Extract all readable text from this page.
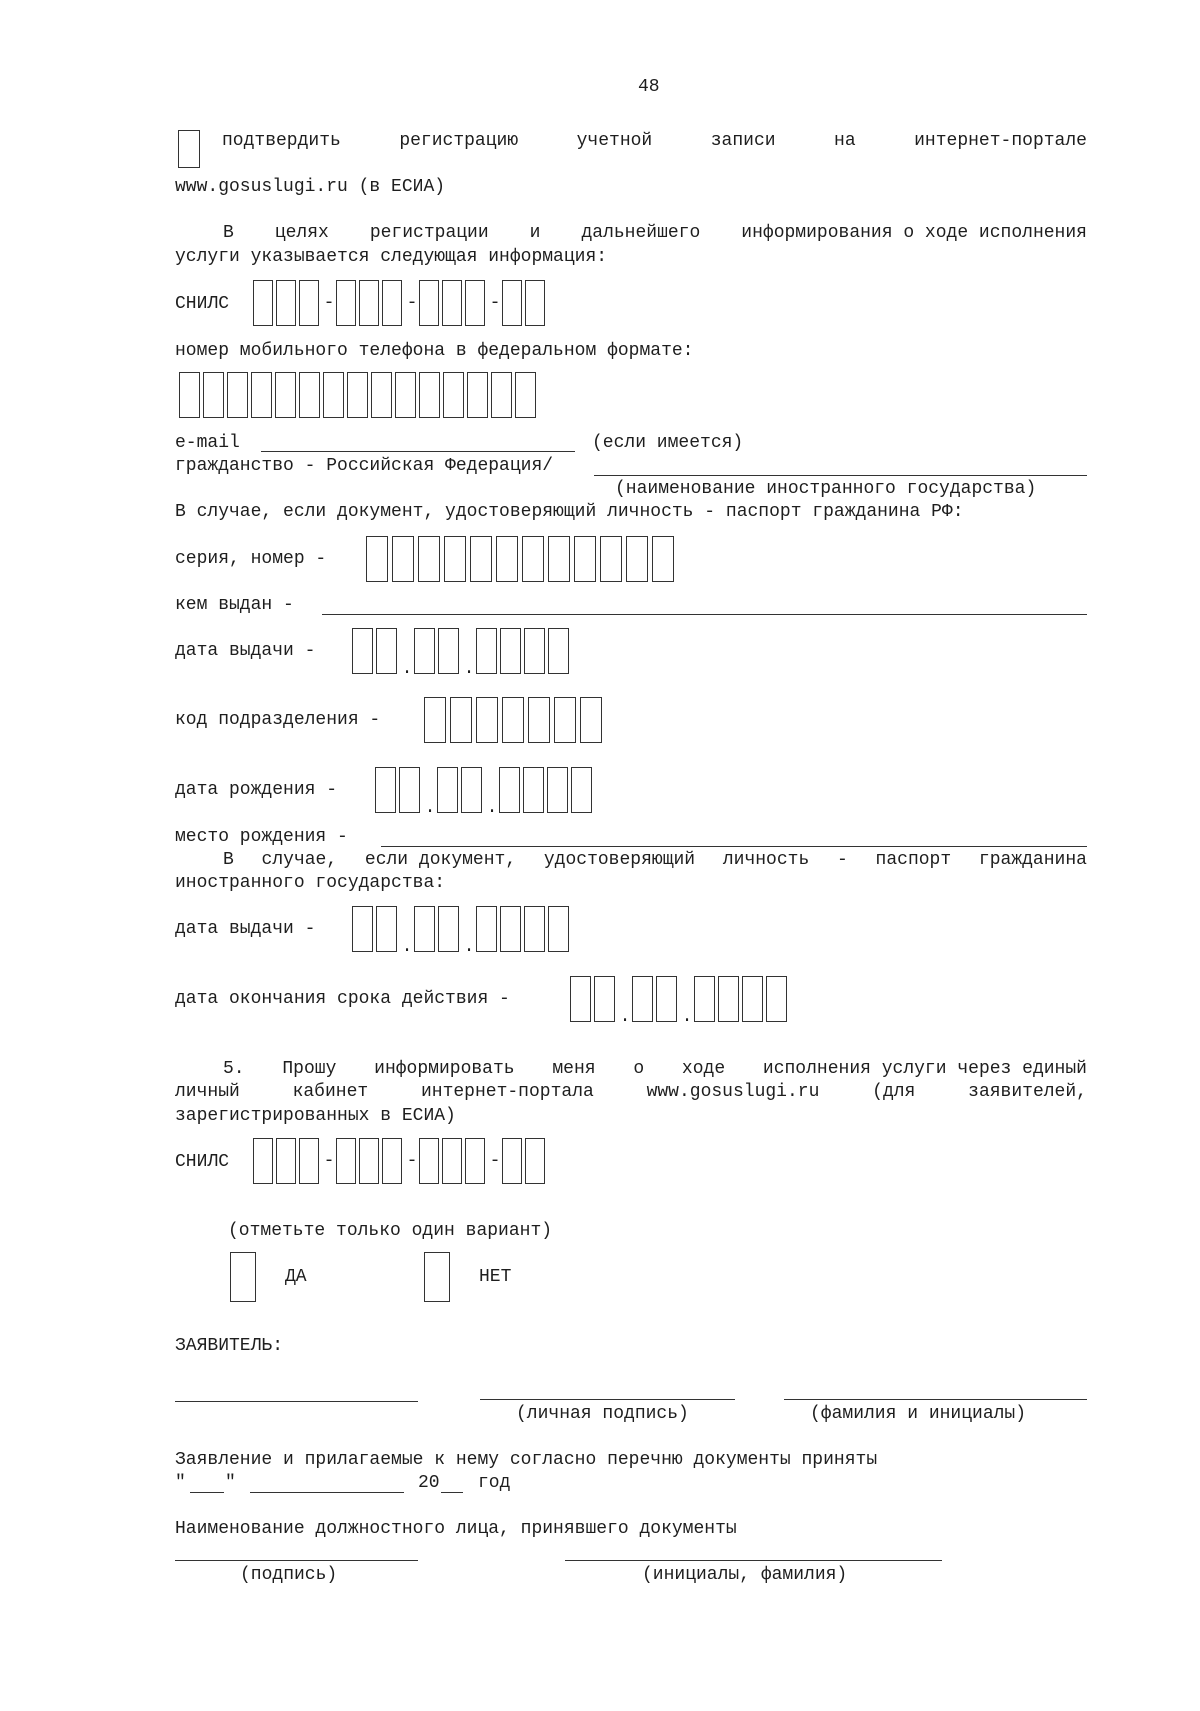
48
подтвердить	регистрацию	учетной	записи	на	интернет-портале
www.gosuslugi.ru (в ЕСИА)
В целях регистрации и дальнейшего информирования о ходе исполнения
услуги указывается следующая информация:
СНИЛС	-	-	-
номер мобильного телефона в федеральном формате:
e-mail	(если имеется)
гражданство - Российская Федерация/
(наименование иностранного государства)
В случае, если документ, удостоверяющий личность - паспорт гражданина РФ:
серия, номер -
кем выдан -
дата выдачи -
.	.
код подразделения -
дата рождения -
.	.
место рождения -
В случае, если документ, удостоверяющий личность - паспорт гражданина
иностранного государства:
дата выдачи -
.	.
дата окончания срока действия -
.	.
5. Прошу информировать меня о ходе исполнения услуги через единый
личный	кабинет	интернет-портала	www.gosuslugi.ru	(для	заявителей,
зарегистрированных в ЕСИА)
СНИЛС	-	-	-
(отметьте только один вариант)
ДА	НЕТ
ЗАЯВИТЕЛЬ:
(личная подпись)	(фамилия и инициалы)
Заявление и прилагаемые к нему согласно перечню документы приняты
" "	20 год
Наименование должностного лица, принявшего документы
(подпись)	(инициалы, фамилия)
